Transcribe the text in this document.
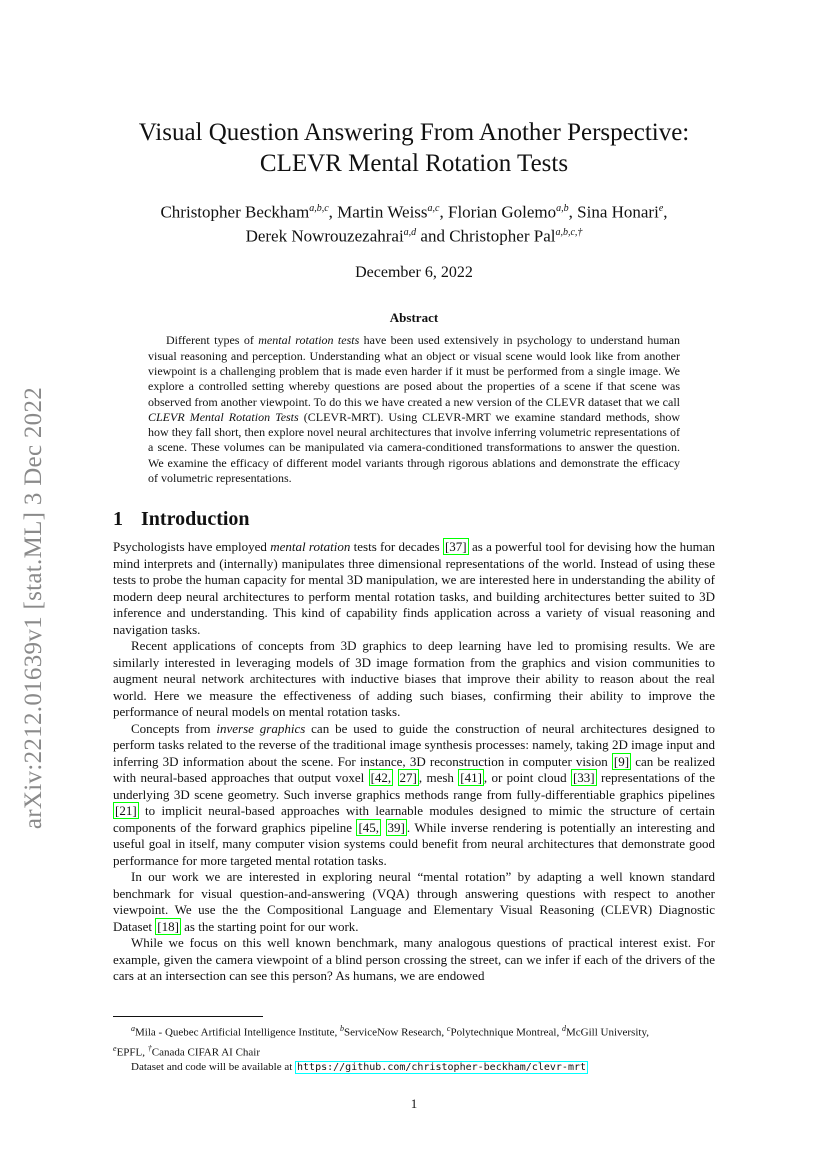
arXiv:2212.01639v1 [stat.ML] 3 Dec 2022
Visual Question Answering From Another Perspective:
CLEVR Mental Rotation Tests
Christopher Beckham$^{a,b,c}$, Martin Weiss$^{a,c}$, Florian Golemo$^{a,b}$, Sina Honari$^e$,
Derek Nowrouzezahrai$^{a,d}$ and Christopher Pal$^{a,b,c,\dagger}$
December 6, 2022
Abstract
Different types of mental rotation tests have been used extensively in psychology to understand human visual reasoning and perception. Understanding what an object or visual scene would look like from another viewpoint is a challenging problem that is made even harder if it must be performed from a single image. We explore a controlled setting whereby questions are posed about the properties of a scene if that scene was observed from another viewpoint. To do this we have created a new version of the CLEVR dataset that we call CLEVR Mental Rotation Tests (CLEVR-MRT). Using CLEVR-MRT we examine standard methods, show how they fall short, then explore novel neural architectures that involve inferring volumetric representations of a scene. These volumes can be manipulated via camera-conditioned transformations to answer the question. We examine the efficacy of different model variants through rigorous ablations and demonstrate the efficacy of volumetric representations.
1 Introduction

Psychologists have employed mental rotation tests for decades [37] as a powerful tool for devising how the human mind interprets and (internally) manipulates three dimensional representations of the world. Instead of using these tests to probe the human capacity for mental 3D manipulation, we are interested here in understanding the ability of modern deep neural architectures to perform mental rotation tasks, and building architectures better suited to 3D inference and understanding. This kind of capability finds application across a variety of visual reasoning and navigation tasks.

Recent applications of concepts from 3D graphics to deep learning have led to promising results. We are similarly interested in leveraging models of 3D image formation from the graphics and vision communities to augment neural network architectures with inductive biases that improve their ability to reason about the real world. Here we measure the effectiveness of adding such biases, confirming their ability to improve the performance of neural models on mental rotation tasks.

Concepts from inverse graphics can be used to guide the construction of neural architectures designed to perform tasks related to the reverse of the traditional image synthesis processes: namely, taking 2D image input and inferring 3D information about the scene. For instance, 3D reconstruction in computer vision [9] can be realized with neural-based approaches that output voxel [42, 27] , mesh [41] , or point cloud [33] representations of the underlying 3D scene geometry. Such inverse graphics methods range from fully-differentiable graphics pipelines [21] to implicit neural-based approaches with learnable modules designed to mimic the structure of certain components of the forward graphics pipeline [45, 39] . While inverse rendering is potentially an interesting and useful goal in itself, many computer vision systems could benefit from neural architectures that demonstrate good performance for more targeted mental rotation tasks.

In our work we are interested in exploring neural “mental rotation” by adapting a well known standard benchmark for visual question-and-answering (VQA) through answering questions with respect to another viewpoint. We use the the Compositional Language and Elementary Visual Reasoning (CLEVR) Diagnostic Dataset [18] as the starting point for our work.

While we focus on this well known benchmark, many analogous questions of practical interest exist. For example, given the camera viewpoint of a blind person crossing the street, can we infer if each of the drivers of the cars at an intersection can see this person? As humans, we are endowed

$^a$Mila - Quebec Artificial Intelligence Institute, $^b$ServiceNow Research, $^c$Polytechnique Montreal, $^d$McGill University,
$^e$EPFL, †Canada CIFAR AI Chair
Dataset and code will be available at https://github.com/christopher-beckham/clevr-mrt
1
